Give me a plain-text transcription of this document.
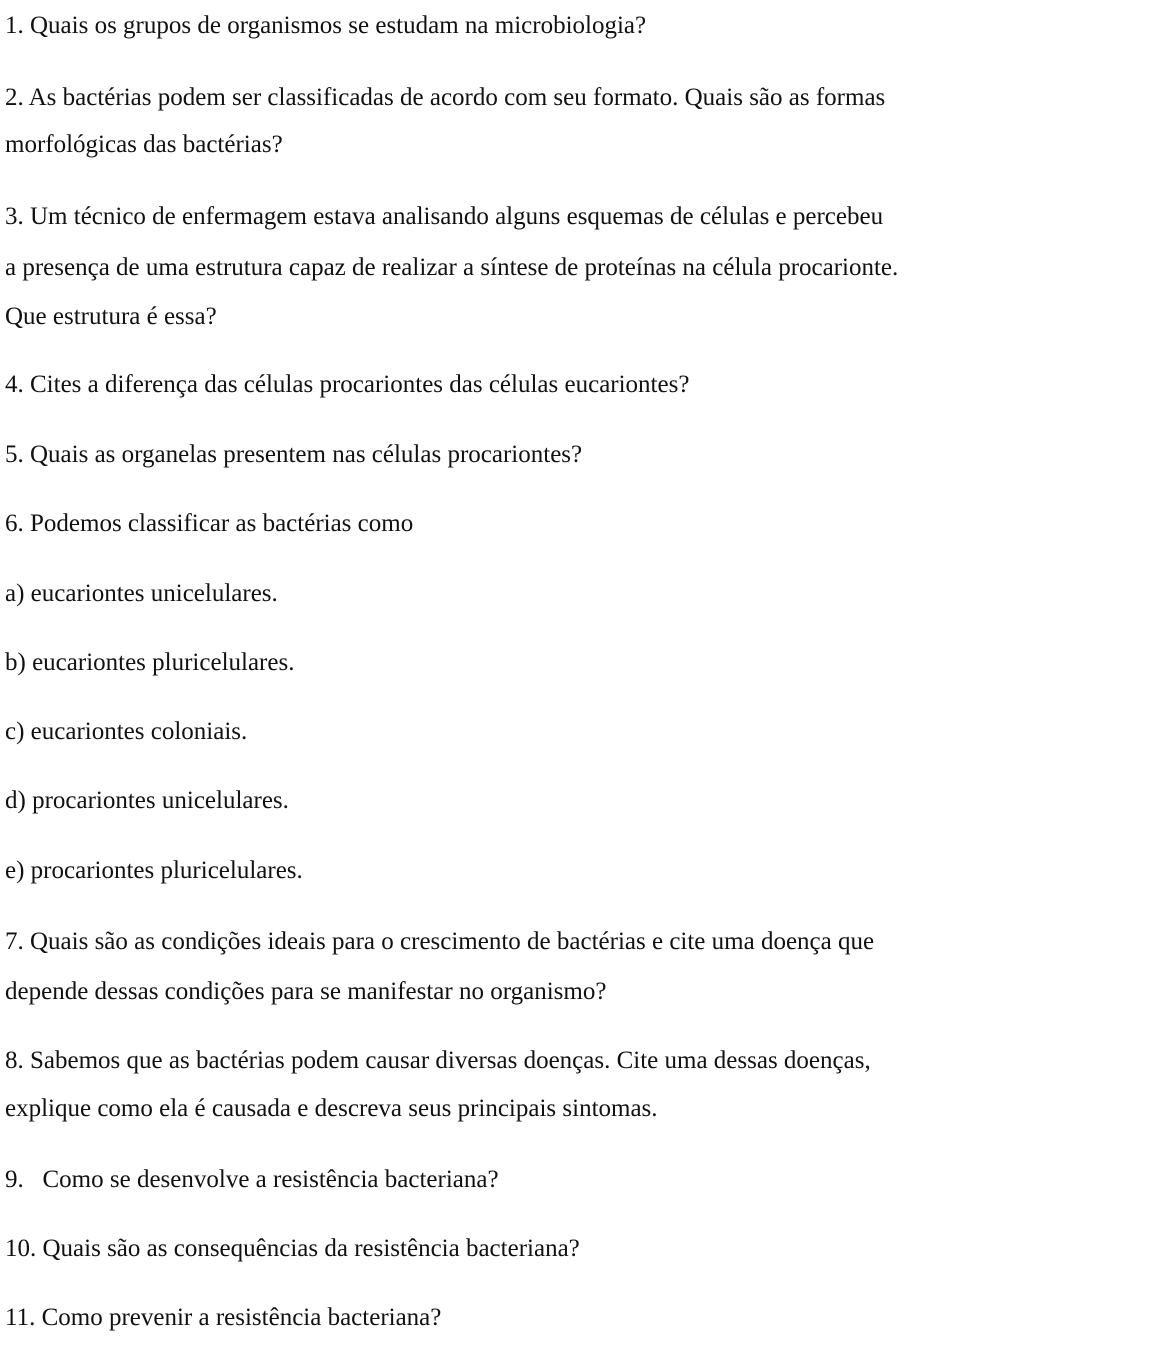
1. Quais os grupos de organismos se estudam na microbiologia?

2. As bactérias podem ser classificadas de acordo com seu formato. Quais são as formas

morfológicas das bactérias?

3. Um técnico de enfermagem estava analisando alguns esquemas de células e percebeu

a presença de uma estrutura capaz de realizar a síntese de proteínas na célula procarionte.

Que estrutura é essa?

4. Cites a diferença das células procariontes das células eucariontes?

5. Quais as organelas presentem nas células procariontes?

6. Podemos classificar as bactérias como

a) eucariontes unicelulares.

b) eucariontes pluricelulares.

c) eucariontes coloniais.

d) procariontes unicelulares.

e) procariontes pluricelulares.

7. Quais são as condições ideais para o crescimento de bactérias e cite uma doença que

depende dessas condições para se manifestar no organismo?

8. Sabemos que as bactérias podem causar diversas doenças. Cite uma dessas doenças,

explique como ela é causada e descreva seus principais sintomas.

9.   Como se desenvolve a resistência bacteriana?

10. Quais são as consequências da resistência bacteriana?

11. Como prevenir a resistência bacteriana?
